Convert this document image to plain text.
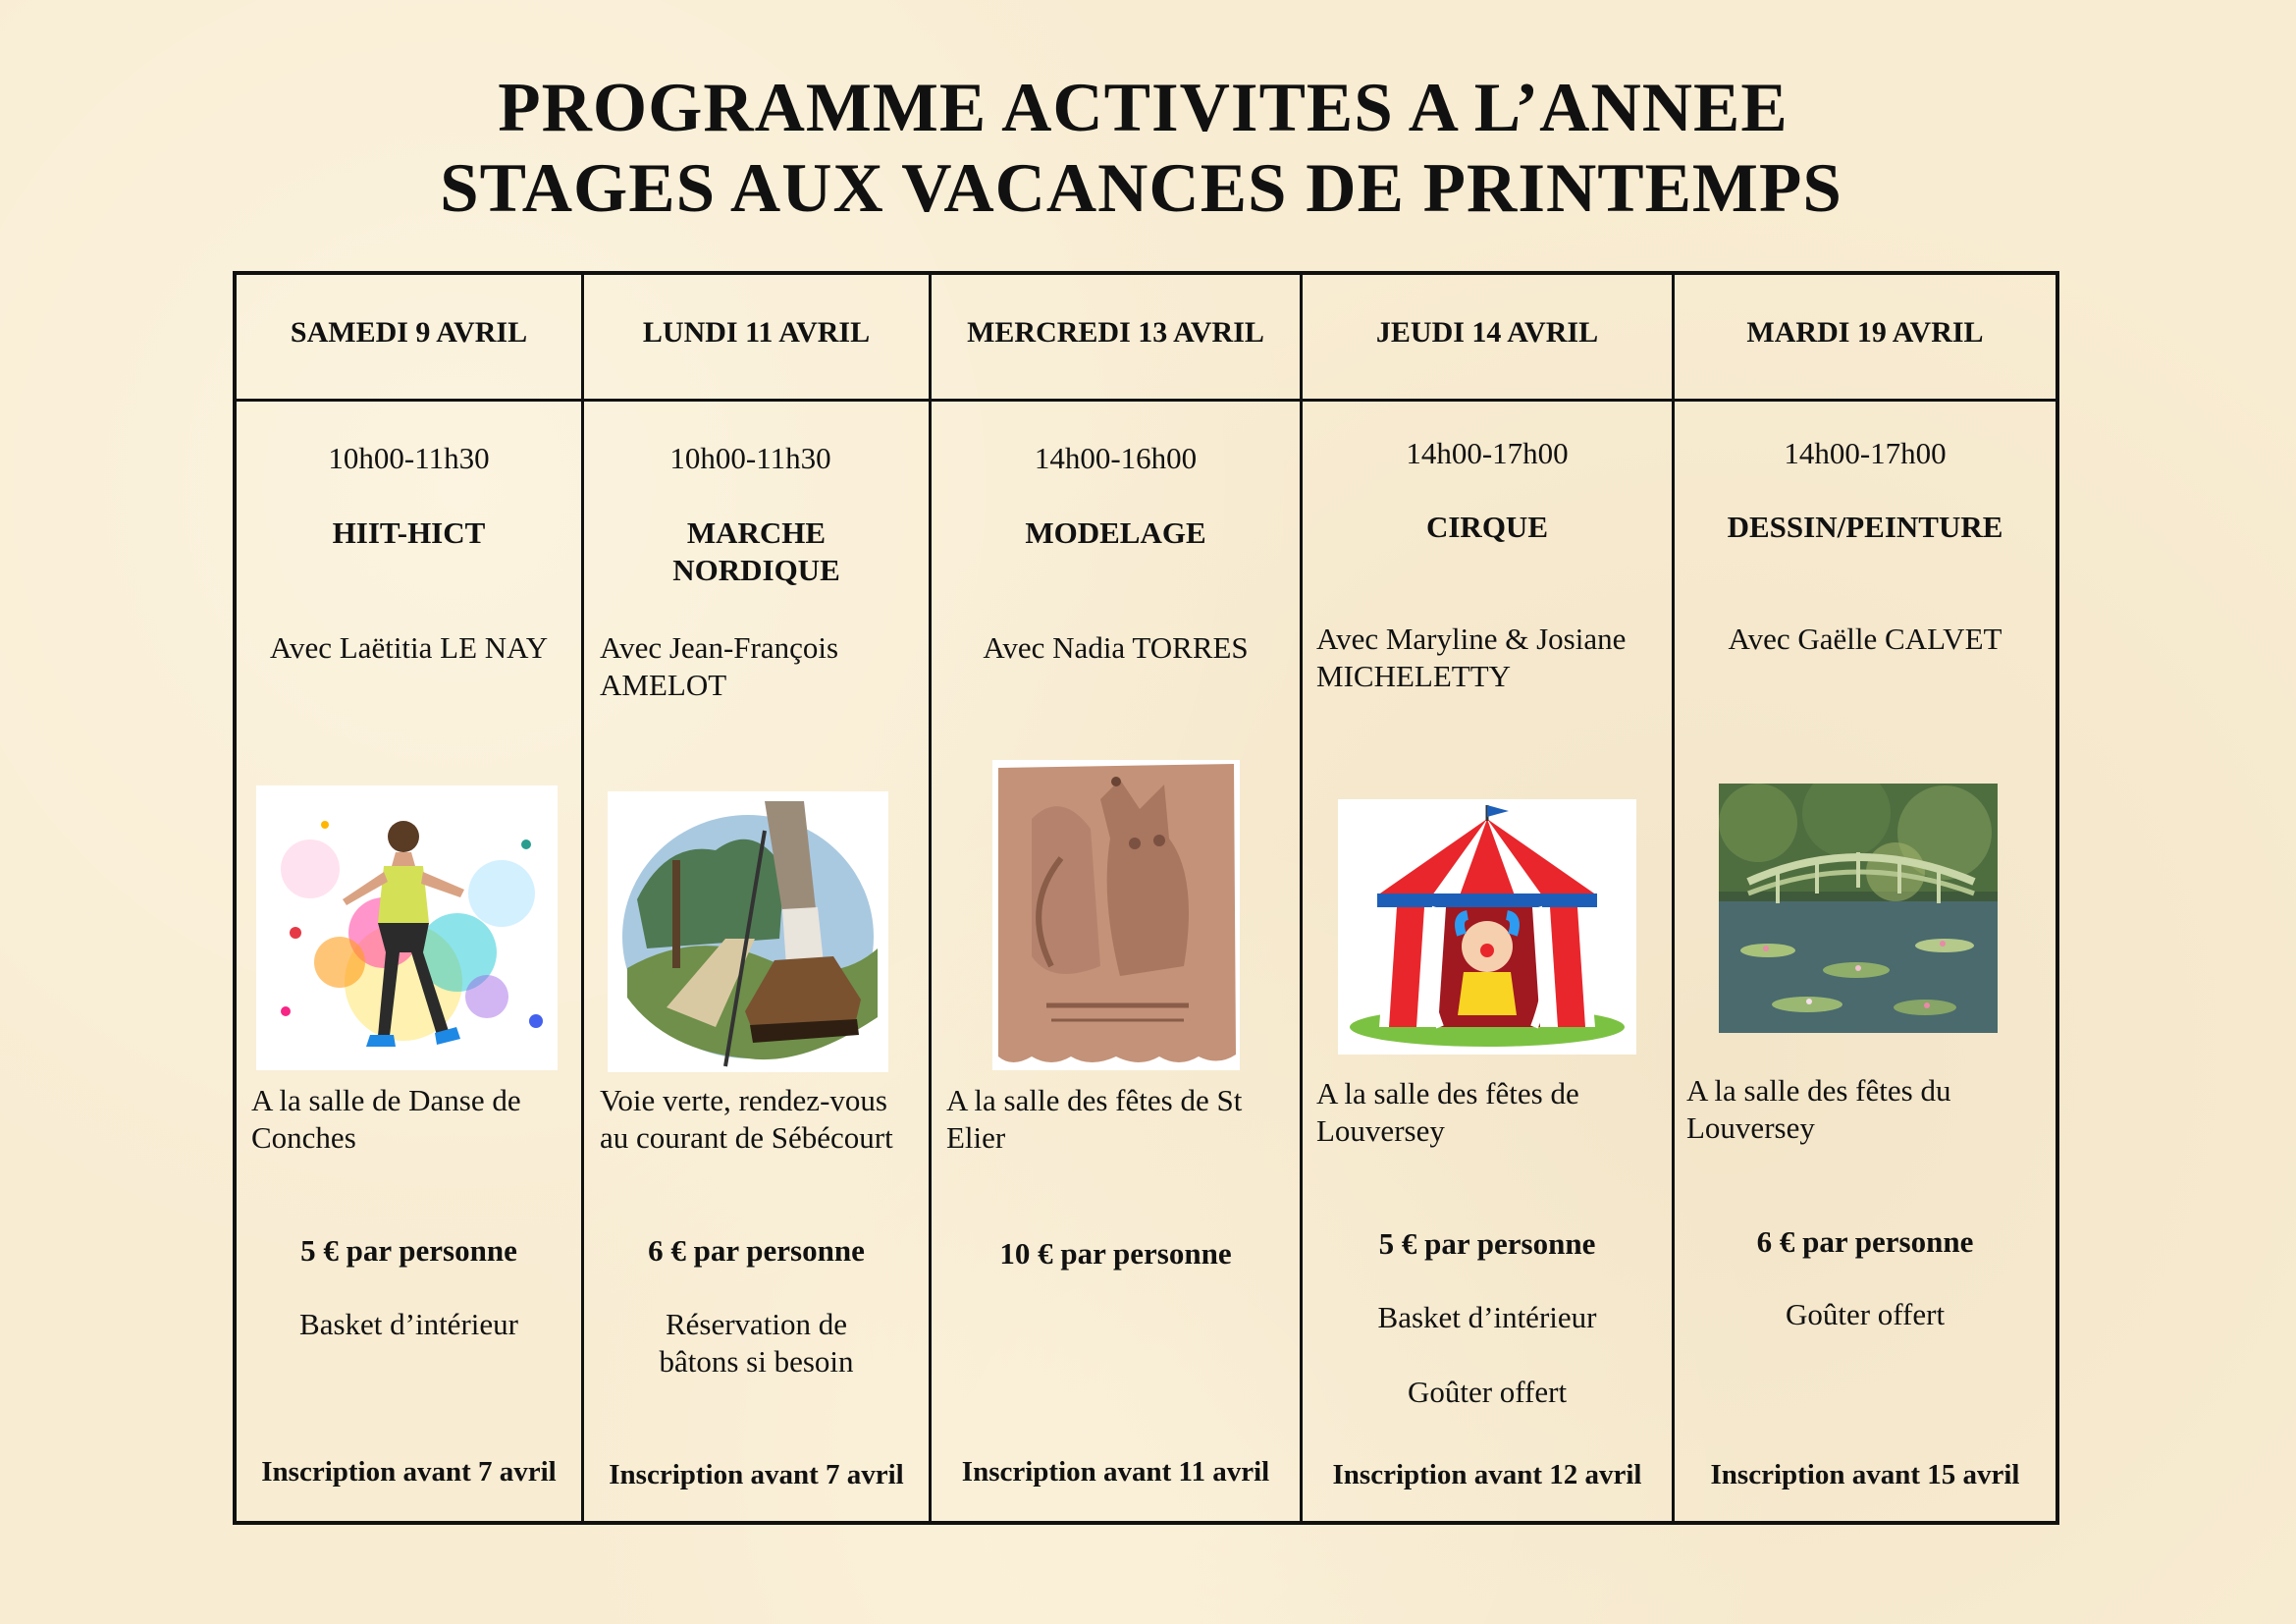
PROGRAMME ACTIVITES A L’ANNEE
STAGES AUX VACANCES DE PRINTEMPS
SAMEDI 9 AVRIL
10h00-11h30
HIIT-HICT
Avec Laëtitia LE NAY
A la salle de Danse de Conches
5 € par personne
Basket d’intérieur
Inscription avant 7 avril
LUNDI 11 AVRIL
10h00-11h30
MARCHE NORDIQUE
Avec Jean-François AMELOT
Voie verte, rendez-vous au courant de Sébécourt
6 € par personne
Réservation de bâtons si besoin
Inscription avant 7 avril
MERCREDI 13 AVRIL
14h00-16h00
MODELAGE
Avec Nadia TORRES
A la salle des fêtes de St Elier
10 € par personne
Inscription avant 11 avril
JEUDI 14 AVRIL
14h00-17h00
CIRQUE
Avec Maryline & Josiane MICHELETTY
A la salle des fêtes de Louversey
5 € par personne
Basket d’intérieur
Goûter offert
Inscription avant 12 avril
MARDI 19 AVRIL
14h00-17h00
DESSIN/PEINTURE
Avec Gaëlle CALVET
A la salle des fêtes du Louversey
6 € par personne
Goûter offert
Inscription avant 15 avril
